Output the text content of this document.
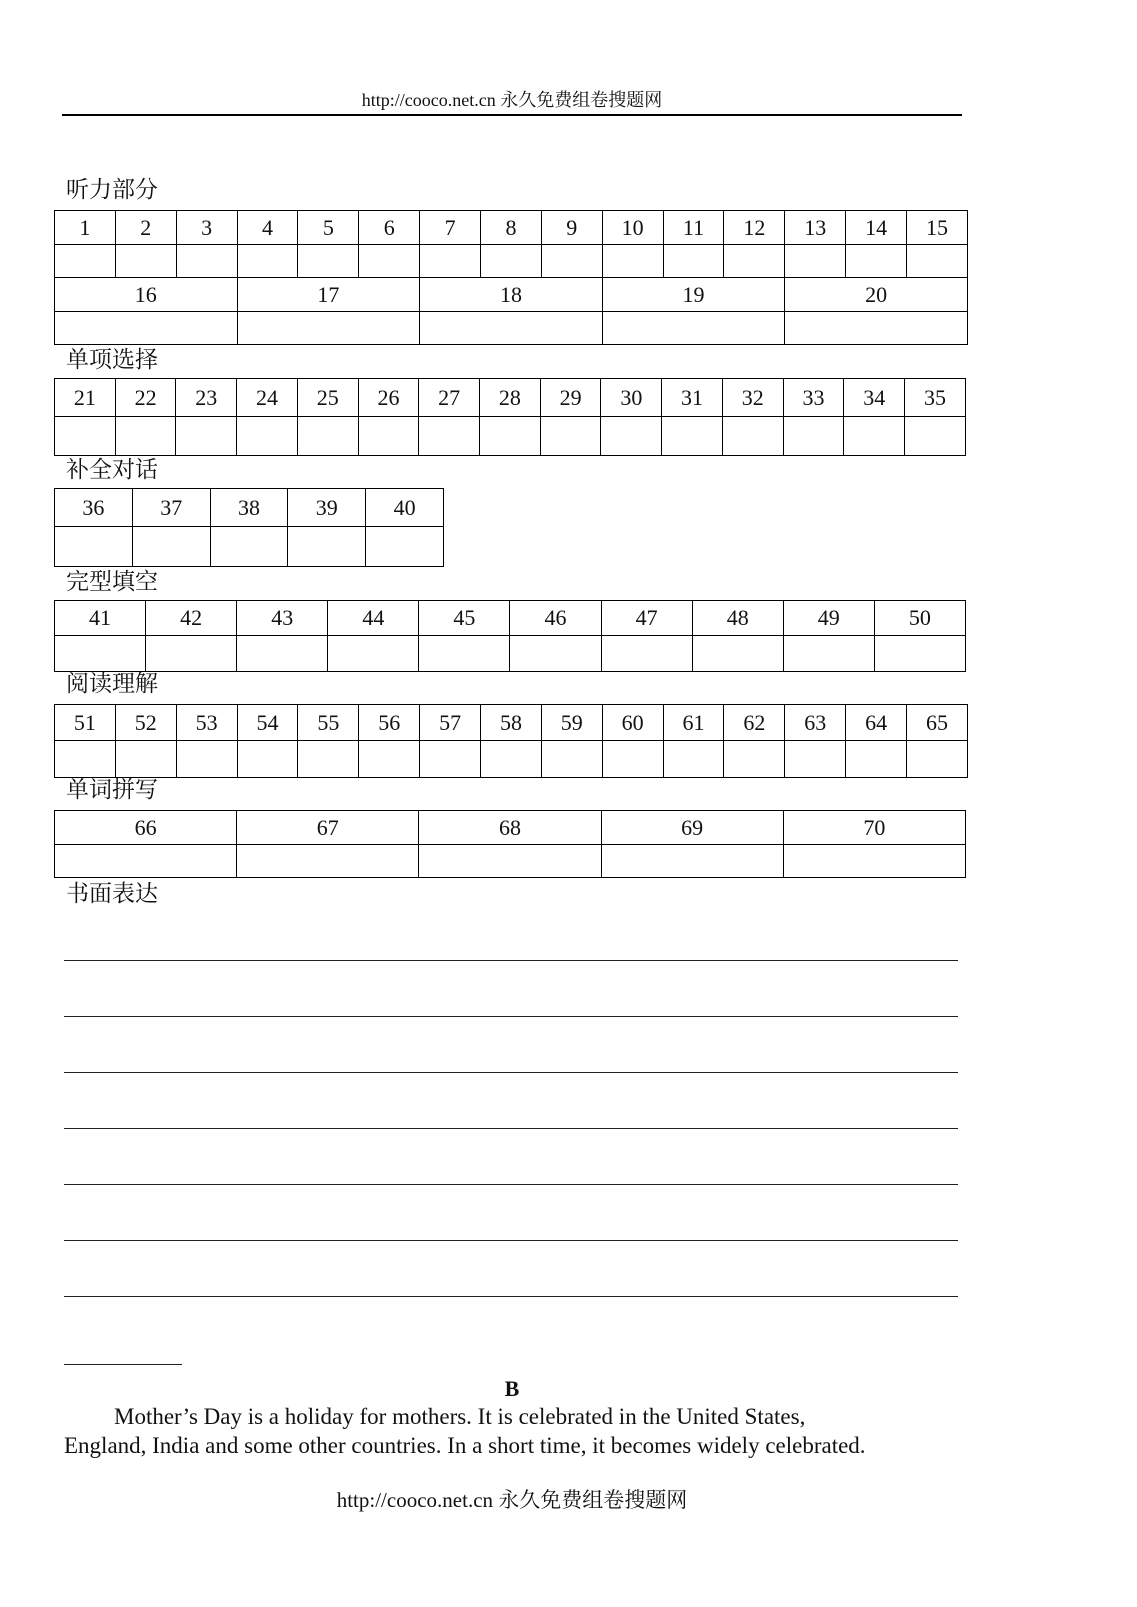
http://cooco.net.cn 永久免费组卷搜题网
听力部分
1	2	3	4	5	6	7	8	9	10	11	12	13	14	15

16			17			18			19			20		

单项选择
21	22	23	24	25	26	27	28	29	30	31	32	33	34	35

补全对话
36	37	38	39	40

完型填空
41	42	43	44	45	46	47	48	49	50

阅读理解
51	52	53	54	55	56	57	58	59	60	61	62	63	64	65

单词拼写
66	67	68	69	70

书面表达
B
Mother’s Day is a holiday for mothers. It is celebrated in the United States,
England, India and some other countries. In a short time, it becomes widely celebrated.
http://cooco.net.cn 永久免费组卷搜题网
